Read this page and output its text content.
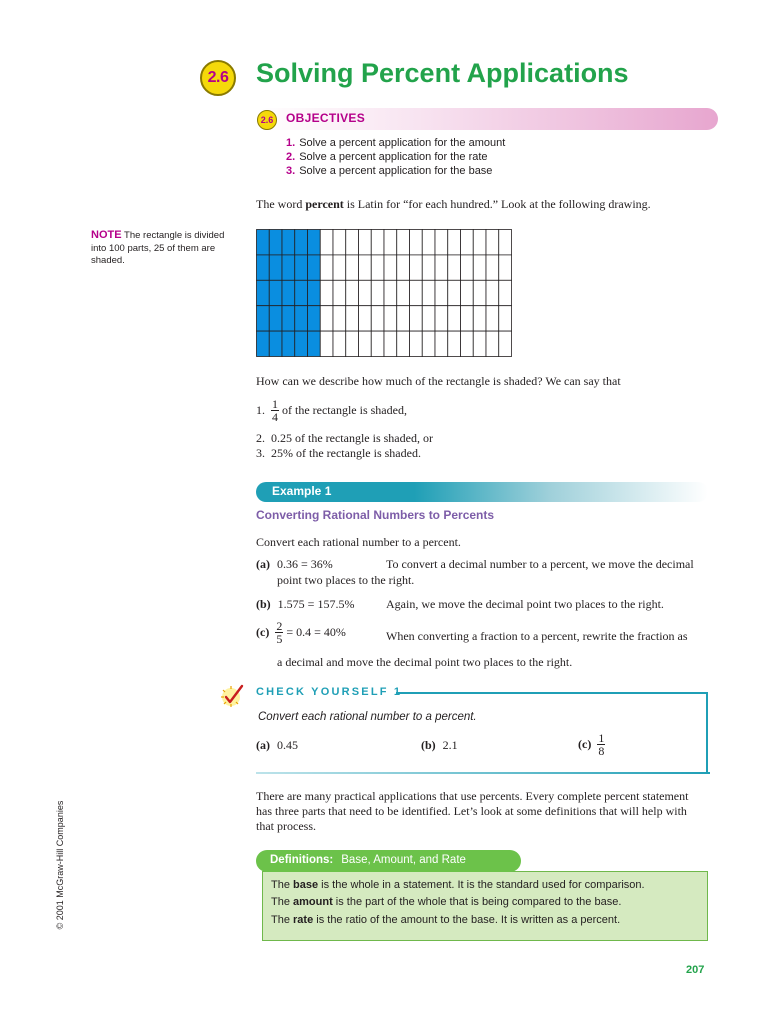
2.6 Solving Percent Applications
2.6	OBJECTIVES
1. Solve a percent application for the amount
2. Solve a percent application for the rate
3. Solve a percent application for the base
The word percent is Latin for “for each hundred.” Look at the following drawing.
NOTE The rectangle is divided into 100 parts, 25 of them are shaded.
How can we describe how much of the rectangle is shaded? We can say that
1. $\frac{1}{4}$ of the rectangle is shaded,
2.  0.25 of the rectangle is shaded, or
3.  25% of the rectangle is shaded.
Example 1
Converting Rational Numbers to Percents
Convert each rational number to a percent.
(a) 0.36 = 36%	To convert a decimal number to a percent, we move the decimal
point two places to the right.
(b) 1.575 = 157.5%	Again, we move the decimal point two places to the right.
$(c) \frac{2}{5} = 0.4 = 40\%$	When converting a fraction to a percent, rewrite the fraction as
a decimal and move the decimal point two places to the right.
CHECK YOURSELF 1
Convert each rational number to a percent.
(a) 0.45	(b) 2.1	$(c) \frac{1}{8}$
There are many practical applications that use percents. Every complete percent statement
has three parts that need to be identified. Let’s look at some definitions that will help with
that process.
Definitions: Base, Amount, and Rate
The base is the whole in a statement. It is the standard used for comparison.
The amount is the part of the whole that is being compared to the base.
The rate is the ratio of the amount to the base. It is written as a percent.
207
© 2001 McGraw-Hill Companies
